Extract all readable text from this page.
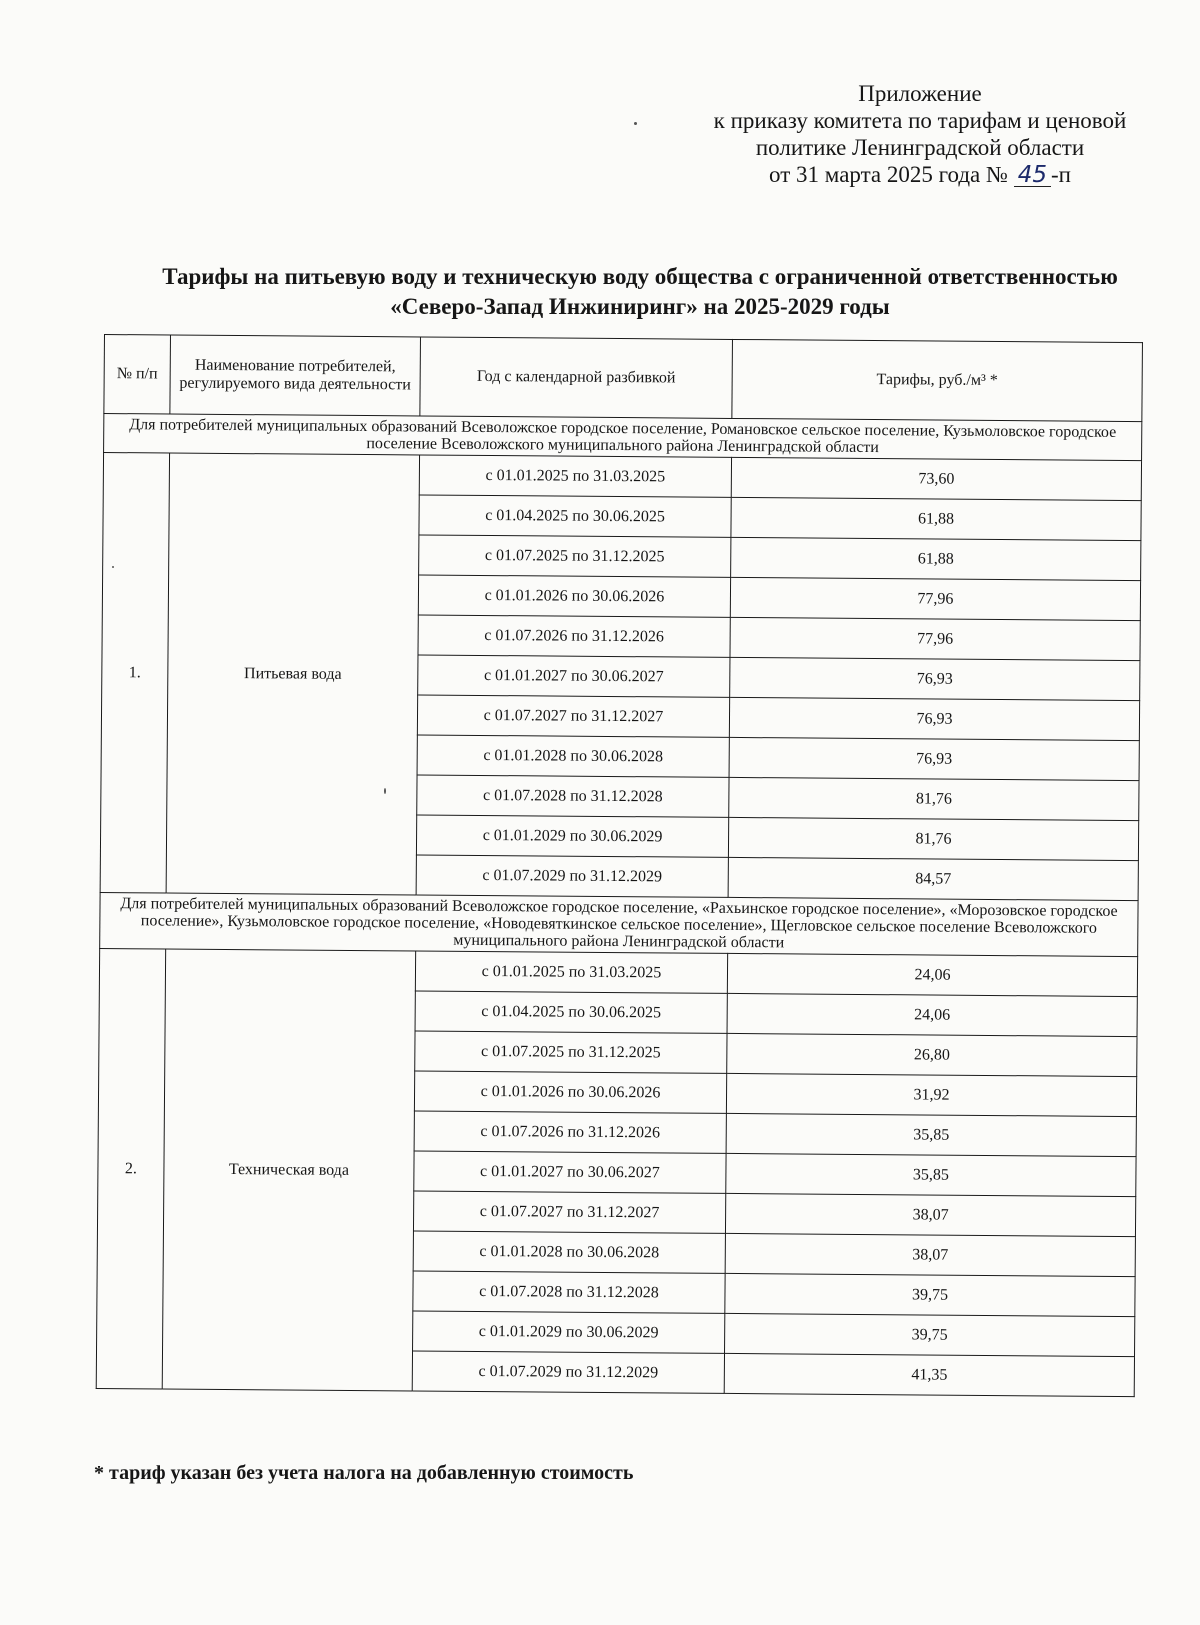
Приложение
к приказу комитета по тарифам и ценовой
политике Ленинградской области
от 31 марта 2025 года № 45 -п
Тарифы на питьевую воду и техническую воду общества с ограниченной ответственностью
«Северо-Запад Инжиниринг» на 2025-2029 годы
№ п/п	Наименование потребителей, регулируемого вида деятельности	Год с календарной разбивкой	Тарифы, руб./м³ *
Для потребителей муниципальных образований Всеволожское городское поселение, Романовское сельское поселение, Кузьмоловское городское поселение Всеволожского муниципального района Ленинградской области			
1.	Питьевая вода	с 01.01.2025 по 31.03.2025	73,60
		с 01.04.2025 по 30.06.2025	61,88
		с 01.07.2025 по 31.12.2025	61,88
		с 01.01.2026 по 30.06.2026	77,96
		с 01.07.2026 по 31.12.2026	77,96
		с 01.01.2027 по 30.06.2027	76,93
		с 01.07.2027 по 31.12.2027	76,93
		с 01.01.2028 по 30.06.2028	76,93
		с 01.07.2028 по 31.12.2028	81,76
		с 01.01.2029 по 30.06.2029	81,76
		с 01.07.2029 по 31.12.2029	84,57
Для потребителей муниципальных образований Всеволожское городское поселение, «Рахьинское городское поселение», «Морозовское городское поселение», Кузьмоловское городское поселение, «Новодевяткинское сельское поселение», Щегловское сельское поселение Всеволожского муниципального района Ленинградской области			
2.	Техническая вода	с 01.01.2025 по 31.03.2025	24,06
		с 01.04.2025 по 30.06.2025	24,06
		с 01.07.2025 по 31.12.2025	26,80
		с 01.01.2026 по 30.06.2026	31,92
		с 01.07.2026 по 31.12.2026	35,85
		с 01.01.2027 по 30.06.2027	35,85
		с 01.07.2027 по 31.12.2027	38,07
		с 01.01.2028 по 30.06.2028	38,07
		с 01.07.2028 по 31.12.2028	39,75
		с 01.01.2029 по 30.06.2029	39,75
		с 01.07.2029 по 31.12.2029	41,35
* тариф указан без учета налога на добавленную стоимость
